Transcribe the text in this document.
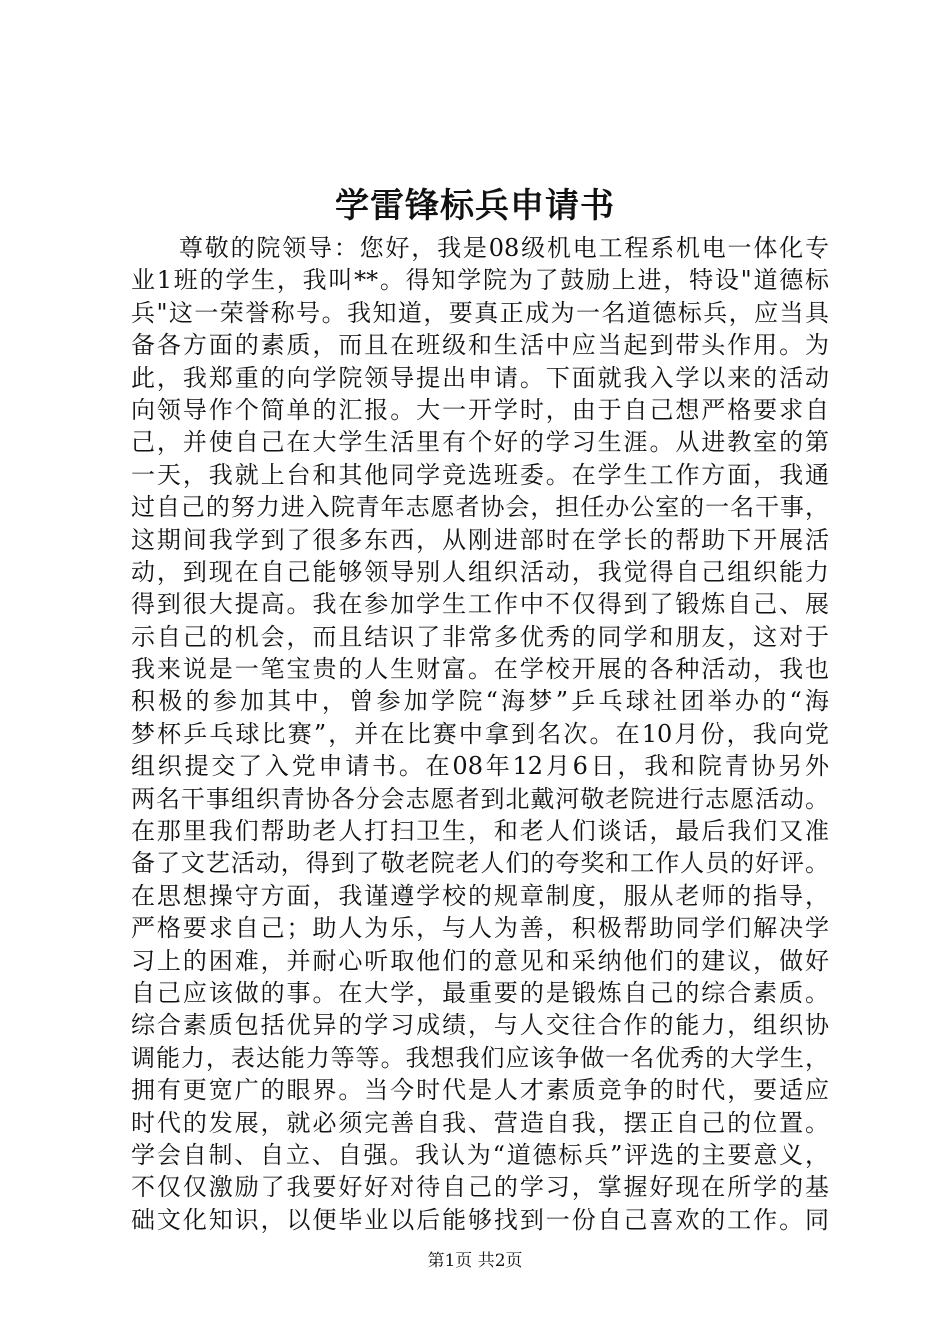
学雷锋标兵申请书
尊敬的院领导：您好，我是08级机电工程系机电一体化专
业1班的学生，我叫**。得知学院为了鼓励上进，特设"道德标
兵"这一荣誉称号。我知道，要真正成为一名道德标兵，应当具
备各方面的素质，而且在班级和生活中应当起到带头作用。为
此，我郑重的向学院领导提出申请。下面就我入学以来的活动
向领导作个简单的汇报。大一开学时，由于自己想严格要求自
己，并使自己在大学生活里有个好的学习生涯。从进教室的第
一天，我就上台和其他同学竞选班委。在学生工作方面，我通
过自己的努力进入院青年志愿者协会，担任办公室的一名干事，
这期间我学到了很多东西，从刚进部时在学长的帮助下开展活
动，到现在自己能够领导别人组织活动，我觉得自己组织能力
得到很大提高。我在参加学生工作中不仅得到了锻炼自己、展
示自己的机会，而且结识了非常多优秀的同学和朋友，这对于
我来说是一笔宝贵的人生财富。在学校开展的各种活动，我也
积极的参加其中，曾参加学院“海梦”乒乓球社团举办的“海
梦杯乒乓球比赛”，并在比赛中拿到名次。在10月份，我向党
组织提交了入党申请书。在08年12月6日，我和院青协另外
两名干事组织青协各分会志愿者到北戴河敬老院进行志愿活动。
在那里我们帮助老人打扫卫生，和老人们谈话，最后我们又准
备了文艺活动，得到了敬老院老人们的夸奖和工作人员的好评。
在思想操守方面，我谨遵学校的规章制度，服从老师的指导，
严格要求自己；助人为乐，与人为善，积极帮助同学们解决学
习上的困难，并耐心听取他们的意见和采纳他们的建议，做好
自己应该做的事。在大学，最重要的是锻炼自己的综合素质。
综合素质包括优异的学习成绩，与人交往合作的能力，组织协
调能力，表达能力等等。我想我们应该争做一名优秀的大学生，
拥有更宽广的眼界。当今时代是人才素质竞争的时代，要适应
时代的发展，就必须完善自我、营造自我，摆正自己的位置。
学会自制、自立、自强。我认为“道德标兵”评选的主要意义，
不仅仅激励了我要好好对待自己的学习，掌握好现在所学的基
础文化知识，以便毕业以后能够找到一份自己喜欢的工作。同
第1页 共2页
